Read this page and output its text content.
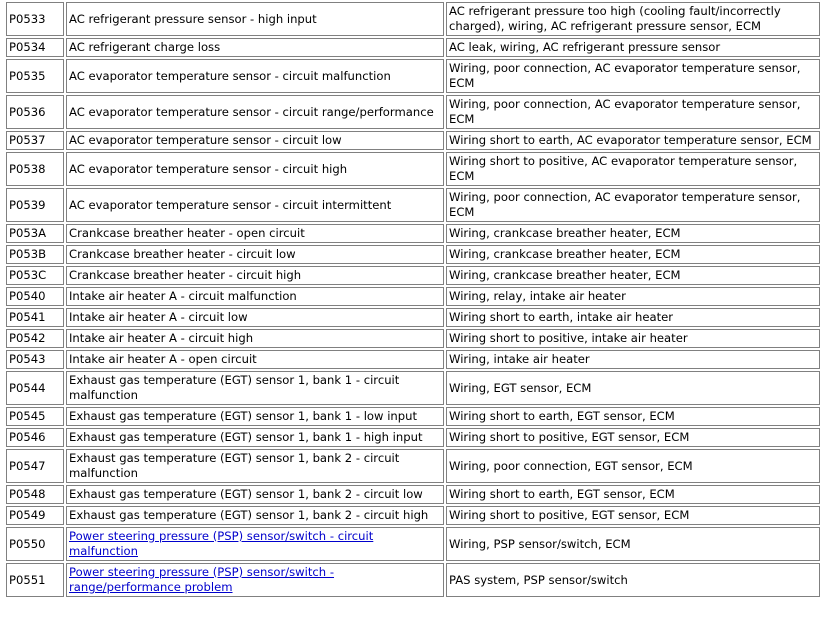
P0533	AC refrigerant pressure sensor - high input	AC refrigerant pressure too high (cooling fault/incorrectly charged), wiring, AC refrigerant pressure sensor, ECM
P0534	AC refrigerant charge loss	AC leak, wiring, AC refrigerant pressure sensor
P0535	AC evaporator temperature sensor - circuit malfunction	Wiring, poor connection, AC evaporator temperature sensor, ECM
P0536	AC evaporator temperature sensor - circuit range/performance	Wiring, poor connection, AC evaporator temperature sensor, ECM
P0537	AC evaporator temperature sensor - circuit low	Wiring short to earth, AC evaporator temperature sensor, ECM
P0538	AC evaporator temperature sensor - circuit high	Wiring short to positive, AC evaporator temperature sensor, ECM
P0539	AC evaporator temperature sensor - circuit intermittent	Wiring, poor connection, AC evaporator temperature sensor, ECM
P053A	Crankcase breather heater - open circuit	Wiring, crankcase breather heater, ECM
P053B	Crankcase breather heater - circuit low	Wiring, crankcase breather heater, ECM
P053C	Crankcase breather heater - circuit high	Wiring, crankcase breather heater, ECM
P0540	Intake air heater A - circuit malfunction	Wiring, relay, intake air heater
P0541	Intake air heater A - circuit low	Wiring short to earth, intake air heater
P0542	Intake air heater A - circuit high	Wiring short to positive, intake air heater
P0543	Intake air heater A - open circuit	Wiring, intake air heater
P0544	Exhaust gas temperature (EGT) sensor 1, bank 1 - circuit malfunction	Wiring, EGT sensor, ECM
P0545	Exhaust gas temperature (EGT) sensor 1, bank 1 - low input	Wiring short to earth, EGT sensor, ECM
P0546	Exhaust gas temperature (EGT) sensor 1, bank 1 - high input	Wiring short to positive, EGT sensor, ECM
P0547	Exhaust gas temperature (EGT) sensor 1, bank 2 - circuit malfunction	Wiring, poor connection, EGT sensor, ECM
P0548	Exhaust gas temperature (EGT) sensor 1, bank 2 - circuit low	Wiring short to earth, EGT sensor, ECM
P0549	Exhaust gas temperature (EGT) sensor 1, bank 2 - circuit high	Wiring short to positive, EGT sensor, ECM
P0550	Power steering pressure (PSP) sensor/switch - circuit malfunction	Wiring, PSP sensor/switch, ECM
P0551	Power steering pressure (PSP) sensor/switch - range/performance problem	PAS system, PSP sensor/switch
